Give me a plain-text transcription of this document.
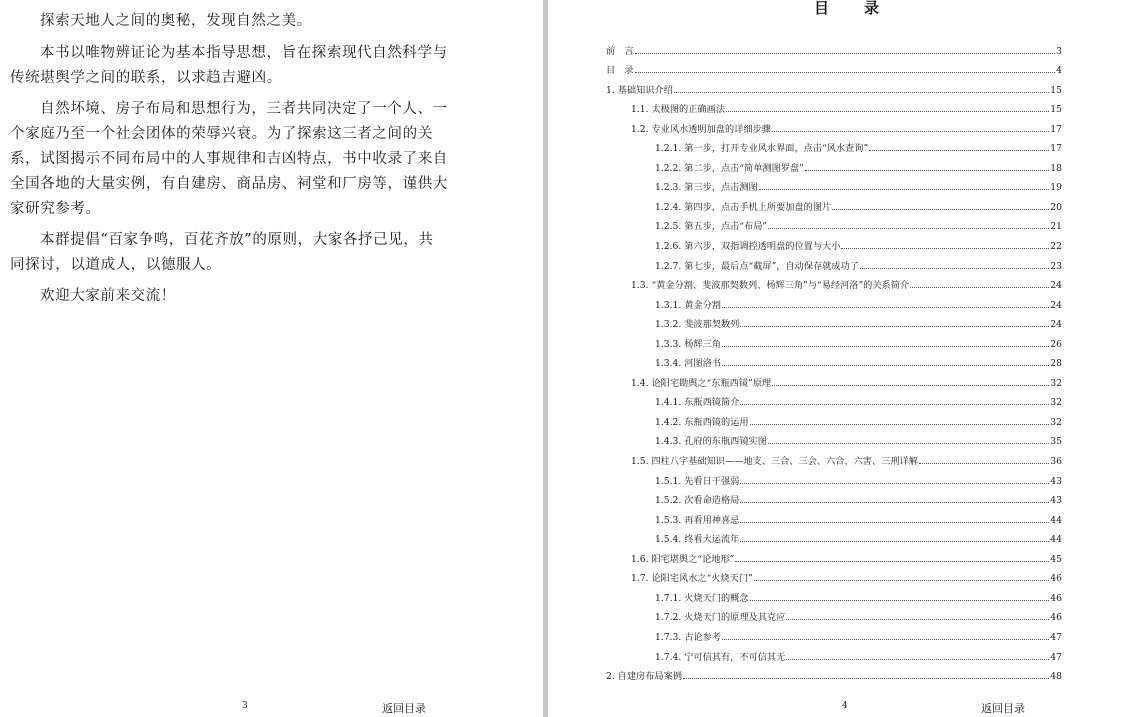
探索天地人之间的奥秘，发现自然之美。
本书以唯物辨证论为基本指导思想，旨在探索现代自然科学与
传统堪舆学之间的联系，以求趋吉避凶。
自然坏境、房子布局和思想行为，三者共同决定了一个人、一
个家庭乃至一个社会团体的荣辱兴衰。为了探索这三者之间的关
系，试图揭示不同布局中的人事规律和吉凶特点，书中收录了来自
全国各地的大量实例，有自建房、商品房、祠堂和厂房等，谨供大
家研究参考。
本群提倡“百家争鸣，百花齐放”的原则，大家各抒己见，共
同探讨，以道成人，以德服人。
欢迎大家前来交流！
3	返回目录
目　录
前　言	3
目　录	4
1. 基础知识介绍	15
1.1. 太极图的正确画法	15
1.2. 专业风水透明加盘的详细步骤	17
1.2.1. 第一步，打开专业风水界面，点击“风水查询”	17
1.2.2. 第二步，点击“简单测图罗盘”	18
1.2.3. 第三步，点击测图	19
1.2.4. 第四步，点击手机上所要加盘的图片	20
1.2.5. 第五步，点击“布局”	21
1.2.6. 第六步，双指调控透明盘的位置与大小	22
1.2.7. 第七步，最后点“截屏”，自动保存就成功了	23
1.3. “黄金分割、斐波那契数列、杨辉三角”与“易经河洛”的关系简介	24
1.3.1. 黄金分割	24
1.3.2. 斐波那契数列	24
1.3.3. 杨辉三角	26
1.3.4. 河图洛书	28
1.4. 论阳宅勘舆之“东瓶西镜”原理	32
1.4.1. 东瓶西镜简介	32
1.4.2. 东瓶西镜的运用	32
1.4.3. 孔府的东瓶西镜实图	35
1.5. 四柱八字基础知识——地支、三合、三会、六合、六害、三刑详解	36
1.5.1. 先看日干强弱	43
1.5.2. 次看命造格局	43
1.5.3. 再看用神喜忌	44
1.5.4. 终看大运流年	44
1.6. 阳宅堪舆之“论地形”	45
1.7. 论阳宅风水之“火烧天门”	46
1.7.1. 火烧天门的概念	46
1.7.2. 火烧天门的原理及其克应	46
1.7.3. 古论参考	47
1.7.4. 宁可信其有，不可信其无	47
2. 自建房布局案例	48
4	返回目录
